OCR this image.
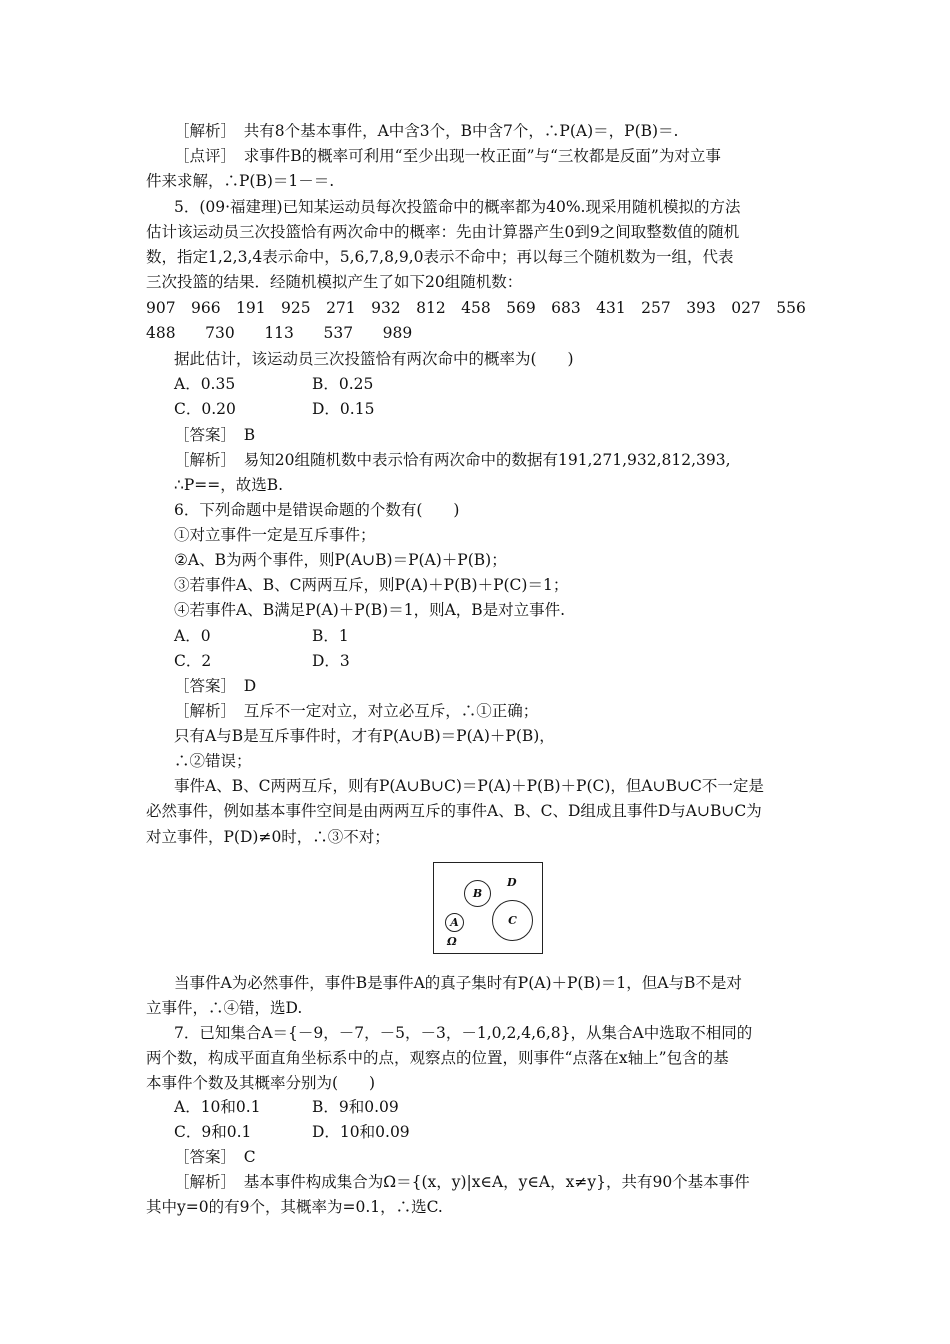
［解析］　共有8个基本事件，A中含3个，B中含7个，∴P(A)＝，P(B)＝.
［点评］　求事件B的概率可利用“至少出现一枚正面”与“三枚都是反面”为对立事
件来求解，∴P(B)＝1－＝.
5．(09·福建理)已知某运动员每次投篮命中的概率都为40%.现采用随机模拟的方法
估计该运动员三次投篮恰有两次命中的概率：先由计算器产生0到9之间取整数值的随机
数，指定1,2,3,4表示命中，5,6,7,8,9,0表示不命中；再以每三个随机数为一组，代表
三次投篮的结果．经随机模拟产生了如下20组随机数：
907 966 191 925 271 932 812 458 569 683 431 257 393 027 556
488 730 113 537 989
据此估计，该运动员三次投篮恰有两次命中的概率为(　　)
A．0.35	B．0.25
C．0.20	D．0.15
［答案］　B
［解析］　易知20组随机数中表示恰有两次命中的数据有191,271,932,812,393,
∴P==，故选B.
6．下列命题中是错误命题的个数有(　　)
①对立事件一定是互斥事件；
②A、B为两个事件，则P(A∪B)＝P(A)＋P(B)；
③若事件A、B、C两两互斥，则P(A)＋P(B)＋P(C)＝1；
④若事件A、B满足P(A)＋P(B)＝1，则A，B是对立事件.
A．0	B．1
C．2	D．3
［答案］　D
［解析］　互斥不一定对立，对立必互斥，∴①正确；
只有A与B是互斥事件时，才有P(A∪B)＝P(A)＋P(B)，
∴②错误；
事件A、B、C两两互斥，则有P(A∪B∪C)＝P(A)＋P(B)＋P(C)，但A∪B∪C不一定是
必然事件，例如基本事件空间是由两两互斥的事件A、B、C、D组成且事件D与A∪B∪C为
对立事件，P(D)≠0时，∴③不对；
B
A	C
D
Ω
当事件A为必然事件，事件B是事件A的真子集时有P(A)＋P(B)＝1，但A与B不是对
立事件，∴④错，选D.
7．已知集合A＝{－9，－7，－5，－3，－1,0,2,4,6,8}，从集合A中选取不相同的
两个数，构成平面直角坐标系中的点，观察点的位置，则事件“点落在x轴上”包含的基
本事件个数及其概率分别为(　　)
A．10和0.1	B．9和0.09
C．9和0.1	D．10和0.09
［答案］　C
［解析］　基本事件构成集合为Ω＝{(x，y)|x∈A，y∈A，x≠y}，共有90个基本事件
其中y=0的有9个，其概率为=0.1，∴选C.
